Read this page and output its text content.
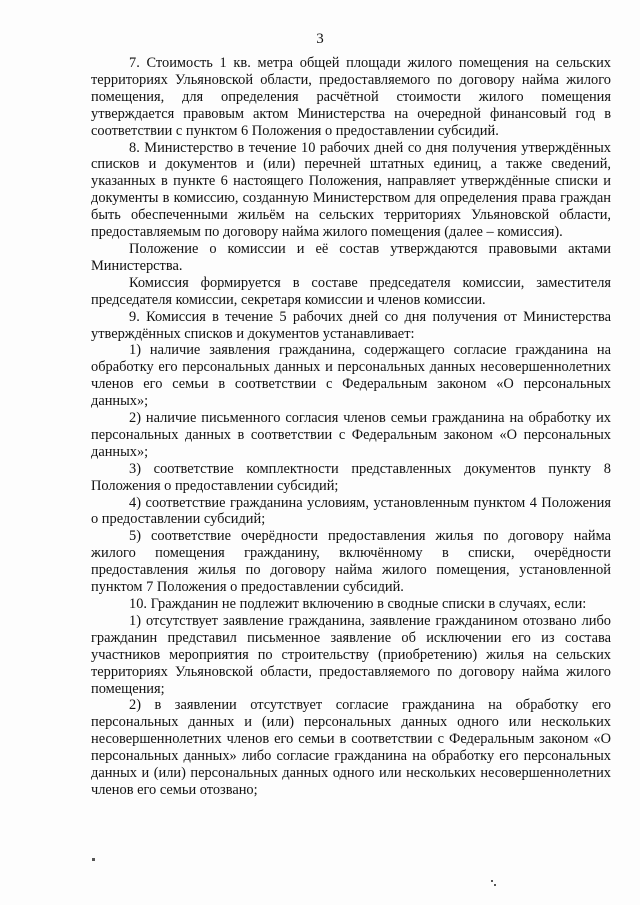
3

7. Стоимость 1 кв. метра общей площади жилого помещения на сельских территориях Ульяновской области, предоставляемого по договору найма жилого помещения, для определения расчётной стоимости жилого помещения утверждается правовым актом Министерства на очередной финансовый год в соответствии с пунктом 6 Положения о предоставлении субсидий.

8. Министерство в течение 10 рабочих дней со дня получения утверждённых списков и документов и (или) перечней штатных единиц, а также сведений, указанных в пункте 6 настоящего Положения, направляет утверждённые списки и документы в комиссию, созданную Министерством для определения права граждан быть обеспеченными жильём на сельских территориях Ульяновской области, предоставляемым по договору найма жилого помещения (далее – комиссия).

Положение о комиссии и её состав утверждаются правовыми актами Министерства.

Комиссия формируется в составе председателя комиссии, заместителя председателя комиссии, секретаря комиссии и членов комиссии.

9. Комиссия в течение 5 рабочих дней со дня получения от Министерства утверждённых списков и документов устанавливает:

1) наличие заявления гражданина, содержащего согласие гражданина на обработку его персональных данных и персональных данных несовершеннолетних членов его семьи в соответствии с Федеральным законом «О персональных данных»;

2) наличие письменного согласия членов семьи гражданина на обработку их персональных данных в соответствии с Федеральным законом «О персональных данных»;

3) соответствие комплектности представленных документов пункту 8 Положения о предоставлении субсидий;

4) соответствие гражданина условиям, установленным пунктом 4 Положения о предоставлении субсидий;

5) соответствие очерёдности предоставления жилья по договору найма жилого помещения гражданину, включённому в списки, очерёдности предоставления жилья по договору найма жилого помещения, установленной пунктом 7 Положения о предоставлении субсидий.

10. Гражданин не подлежит включению в сводные списки в случаях, если:

1) отсутствует заявление гражданина, заявление гражданином отозвано либо гражданин представил письменное заявление об исключении его из состава участников мероприятия по строительству (приобретению) жилья на сельских территориях Ульяновской области, предоставляемого по договору найма жилого помещения;

2) в заявлении отсутствует согласие гражданина на обработку его персональных данных и (или) персональных данных одного или нескольких несовершеннолетних членов его семьи в соответствии с Федеральным законом «О персональных данных» либо согласие гражданина на обработку его персональных данных и (или) персональных данных одного или нескольких несовершеннолетних членов его семьи отозвано;
